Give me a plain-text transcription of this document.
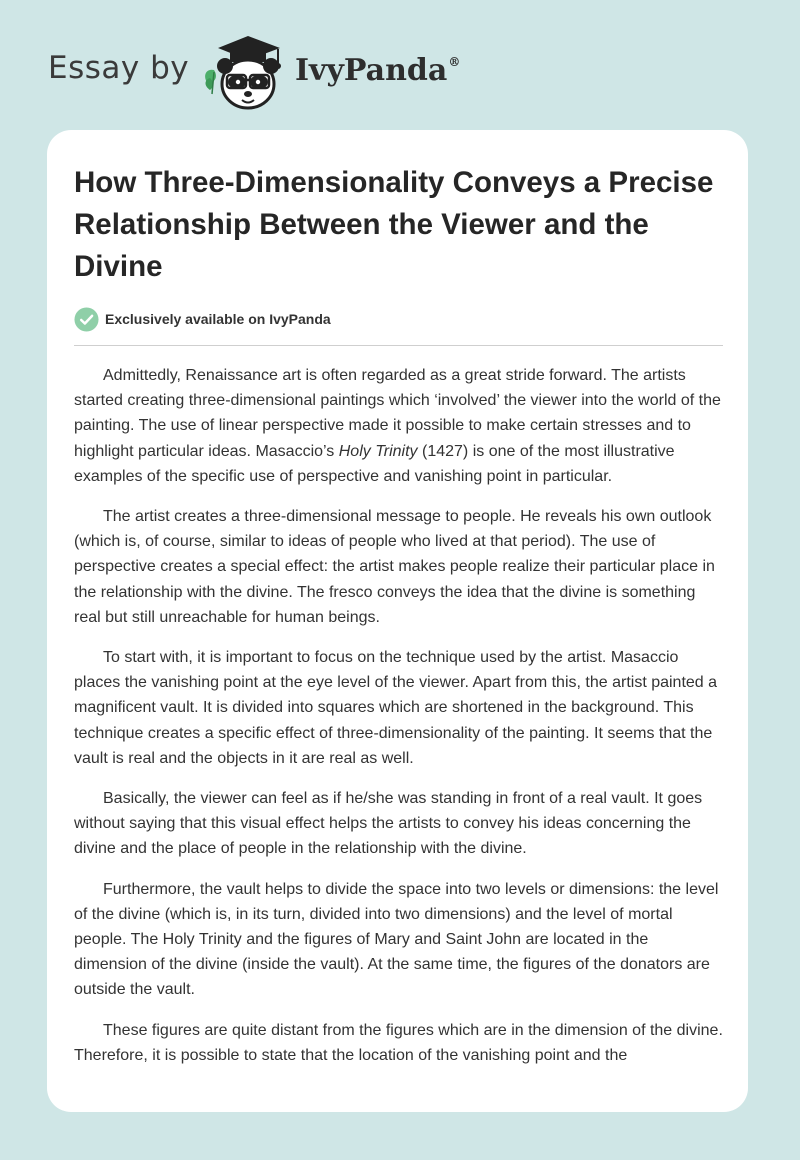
Essay by	IvyPanda®
How Three-Dimensionality Conveys a Precise Relationship Between the Viewer and the Divine
Exclusively available on IvyPanda

Admittedly, Renaissance art is often regarded as a great stride forward. The artists started creating three-dimensional paintings which ‘involved’ the viewer into the world of the painting. The use of linear perspective made it possible to make certain stresses and to highlight particular ideas. Masaccio’s Holy Trinity (1427) is one of the most illustrative examples of the specific use of perspective and vanishing point in particular.

The artist creates a three-dimensional message to people. He reveals his own outlook (which is, of course, similar to ideas of people who lived at that period). The use of perspective creates a special effect: the artist makes people realize their particular place in the relationship with the divine. The fresco conveys the idea that the divine is something real but still unreachable for human beings.

To start with, it is important to focus on the technique used by the artist. Masaccio places the vanishing point at the eye level of the viewer. Apart from this, the artist painted a magnificent vault. It is divided into squares which are shortened in the background. This technique creates a specific effect of three-dimensionality of the painting. It seems that the vault is real and the objects in it are real as well.

Basically, the viewer can feel as if he/she was standing in front of a real vault. It goes without saying that this visual effect helps the artists to convey his ideas concerning the divine and the place of people in the relationship with the divine.

Furthermore, the vault helps to divide the space into two levels or dimensions: the level of the divine (which is, in its turn, divided into two dimensions) and the level of mortal people. The Holy Trinity and the figures of Mary and Saint John are located in the dimension of the divine (inside the vault). At the same time, the figures of the donators are outside the vault.

These figures are quite distant from the figures which are in the dimension of the divine. Therefore, it is possible to state that the location of the vanishing point and the
